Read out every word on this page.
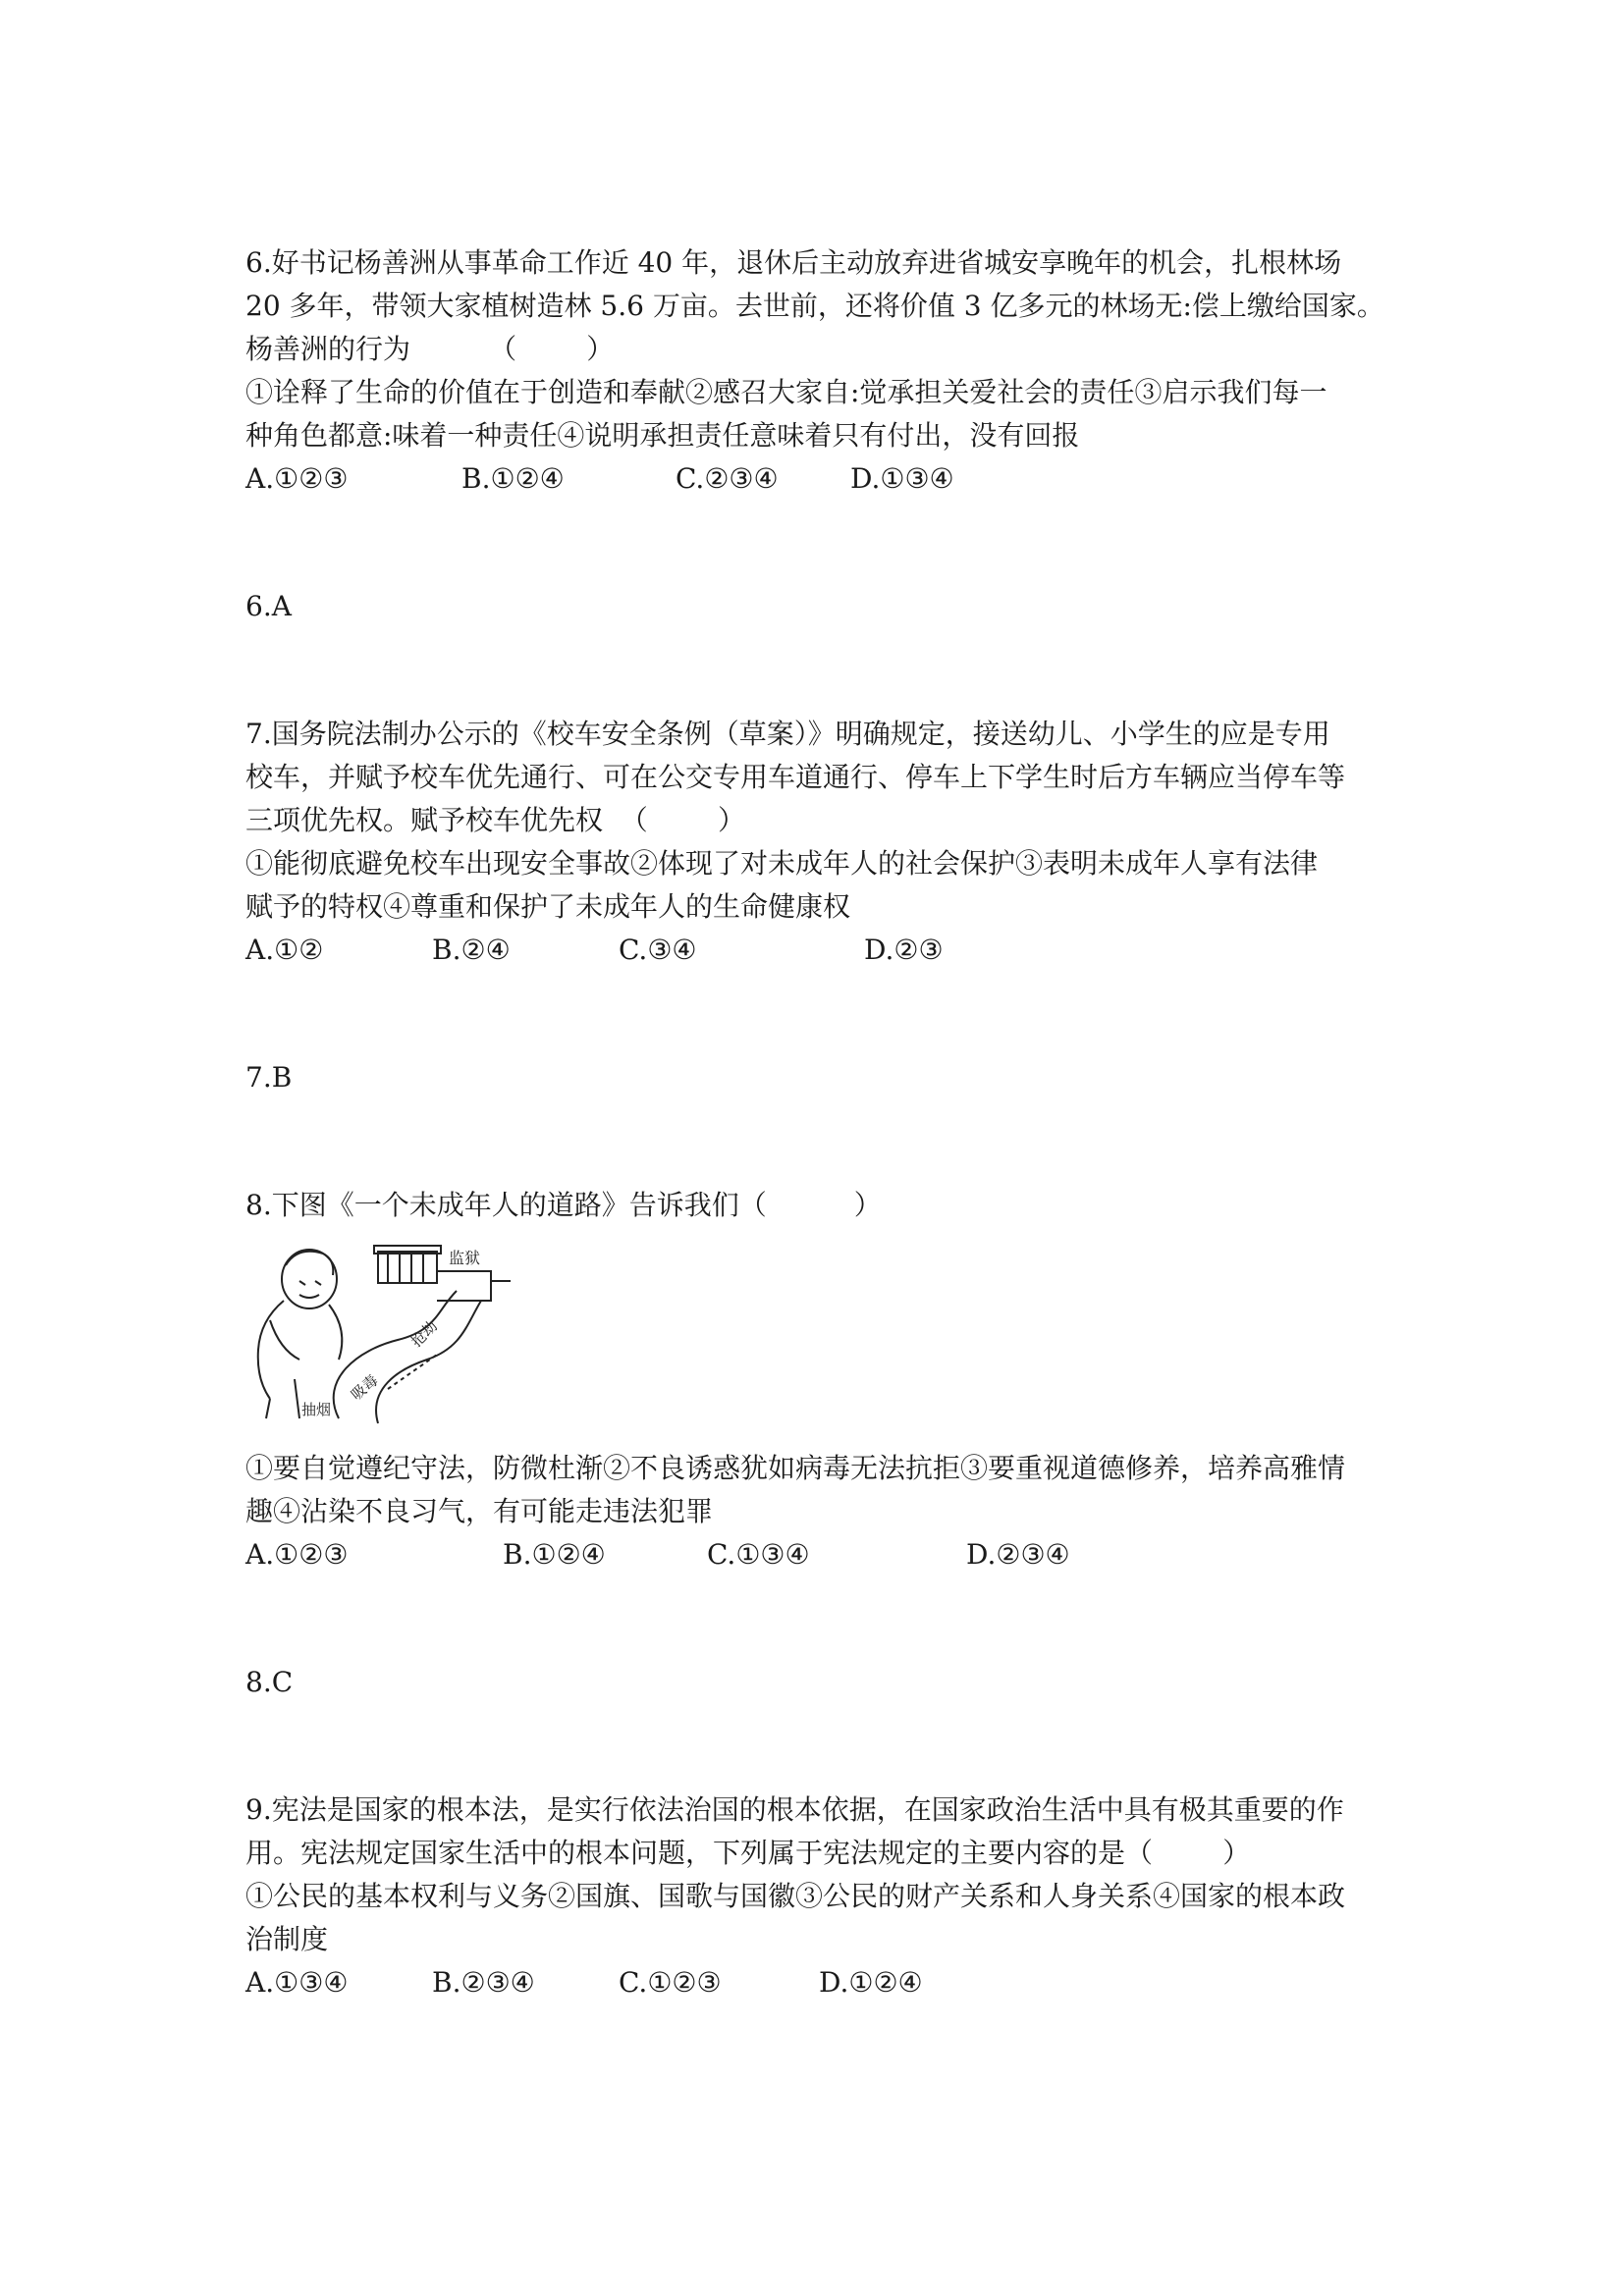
6.好书记杨善洲从事革命工作近 40 年，退休后主动放弃进省城安享晚年的机会，扎根林场
20 多年，带领大家植树造林 5.6 万亩。去世前，还将价值 3 亿多元的林场无:偿上缴给国家。
杨善洲的行为         （        ）
①诠释了生命的价值在于创造和奉献②感召大家自:觉承担关爱社会的责任③启示我们每一
种角色都意:味着一种责任④说明承担责任意味着只有付出，没有回报
A.①②③	B.①②④	C.②③④	D.①③④
6.A
7.国务院法制办公示的《校车安全条例（草案）》明确规定，接送幼儿、小学生的应是专用
校车，并赋予校车优先通行、可在公交专用车道通行、停车上下学生时后方车辆应当停车等
三项优先权。赋予校车优先权  （        ）
①能彻底避免校车出现安全事故②体现了对未成年人的社会保护③表明未成年人享有法律
赋予的特权④尊重和保护了未成年人的生命健康权
A.①②	B.②④	C.③④	D.②③
7.B
8.下图《一个未成年人的道路》告诉我们（          ）
监狱
抽烟
吸毒
抢劫
①要自觉遵纪守法，防微杜渐②不良诱惑犹如病毒无法抗拒③要重视道德修养，培养高雅情
趣④沾染不良习气，有可能走违法犯罪
A.①②③	B.①②④	C.①③④	D.②③④
8.C
9.宪法是国家的根本法，是实行依法治国的根本依据，在国家政治生活中具有极其重要的作
用。宪法规定国家生活中的根本问题，下列属于宪法规定的主要内容的是（        ）
①公民的基本权利与义务②国旗、国歌与国徽③公民的财产关系和人身关系④国家的根本政
治制度
A.①③④	B.②③④	C.①②③	D.①②④
